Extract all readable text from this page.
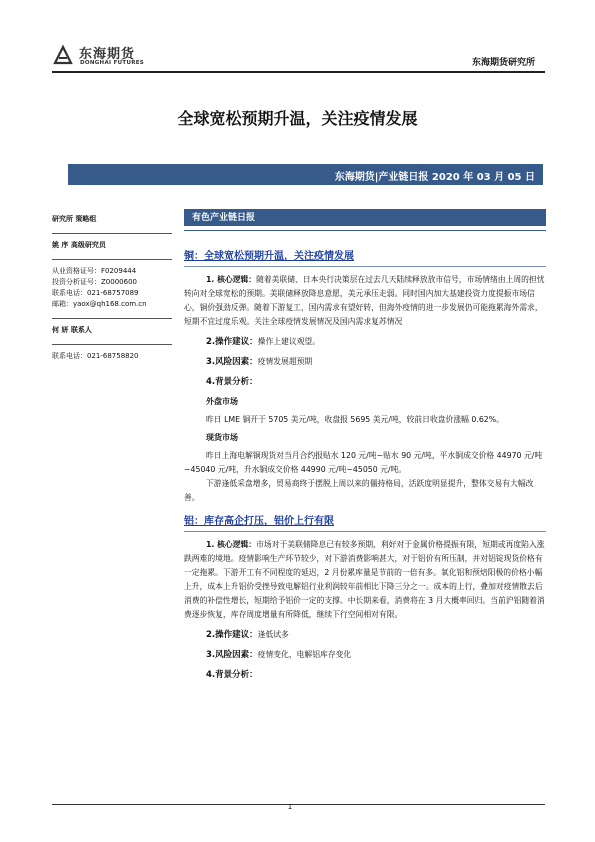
东海期货
DONGHAI FUTURES	东海期货研究所
全球宽松预期升温，关注疫情发展
东海期货|产业链日报 2020 年 03 月 05 日
研究所 策略组
姚 序 高级研究员
从业资格证号：F0209444
投资分析证号：Z0000600
联系电话：021-68757089
邮箱：yaox@qh168.com.cn
何 妍 联系人
联系电话：021-68758820
有色产业链日报
铜：全球宽松预期升温，关注疫情发展

1. 核心逻辑：随着美联储、日本央行决策层在过去几天陆续释放放市信号，市场情绪由上周的担忧转向对全球宽松的预期。美联储释放降息意愿，美元承压走弱。同时国内加大基建投资力度提振市场信心，铜价强劲反弹。随着下游复工，国内需求有望好转，但海外疫情的进一步发展仍可能拖累海外需求，短期不宜过度乐观。关注全球疫情发展情况及国内需求复苏情况

2.操作建议：操作上建议观望。
3.风险因素：疫情发展超预期
4.背景分析：
外盘市场

昨日 LME 铜开于 5705 美元/吨，收盘报 5695 美元/吨，较前日收盘价涨幅 0.62%。

现货市场

昨日上海电解铜现货对当月合约报贴水 120 元/吨~贴水 90 元/吨，平水铜成交价格 44970 元/吨~45040 元/吨，升水铜成交价格 44990 元/吨~45050 元/吨。

下游逢低采盘增多，贸易商终于摆脱上周以来的僵持格局，活跃度明显提升，整体交易有大幅改善。

铝：库存高企打压，铝价上行有限

1. 核心逻辑：市场对于美联储降息已有较多预期，利好对于金属价格提振有限，短期或再度陷入涨跌两难的境地。疫情影响生产环节较少，对下游消费影响甚大，对于铝价有所压制，并对铝锭现货价格有一定拖累。下游开工有不同程度的延迟，2 月份累库量是节前的一倍有多。氧化铝和预焙阳极的价格小幅上升，成本上升铝价受挫导致电解铝行业利润较年前相比下降三分之一。成本的上行，叠加对疫情散去后消费的补偿性增长，短期给予铝价一定的支撑。中长期来看，消费将在 3 月大概率回归。当前沪铝随着消费逐步恢复，库存周度增量有所降低，继续下行空间相对有限。

2.操作建议：逢低试多
3.风险因素：疫情变化，电解铝库存变化
4.背景分析：
1
